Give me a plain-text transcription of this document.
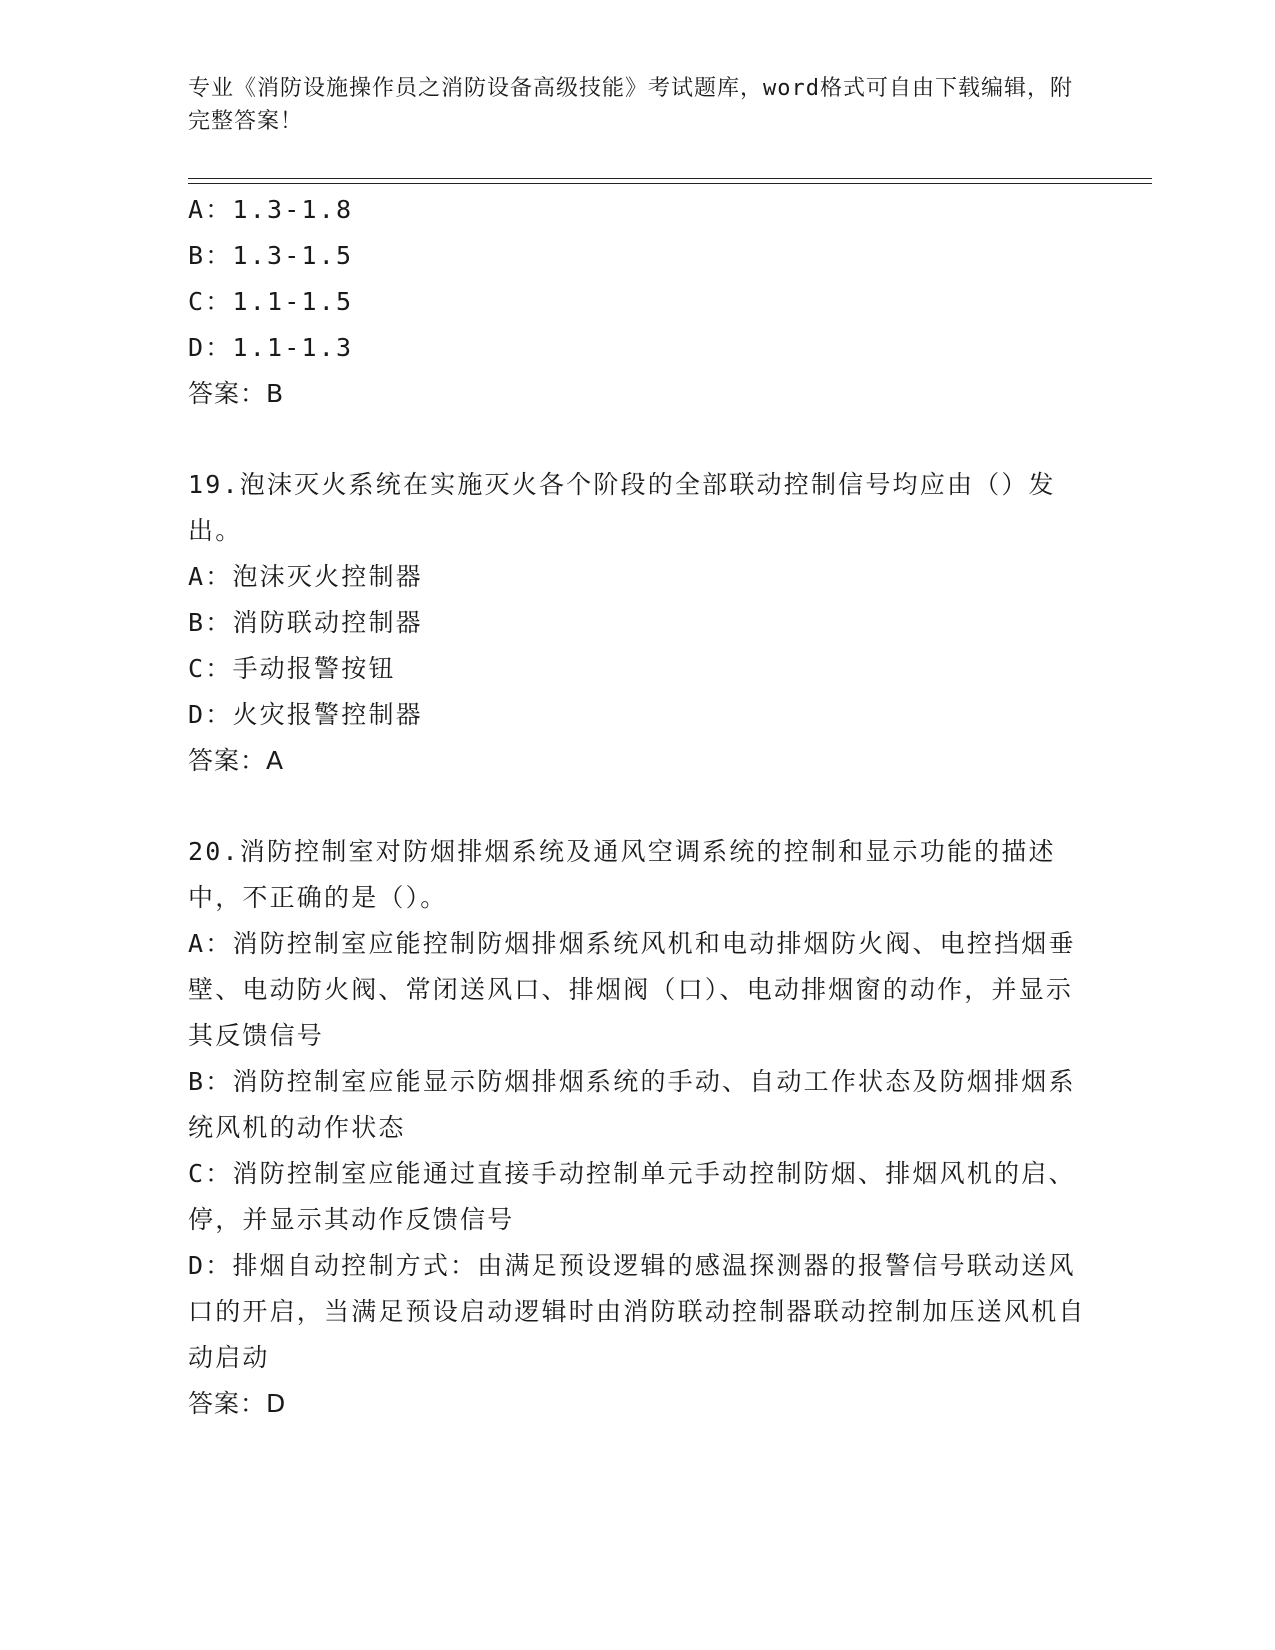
专业《消防设施操作员之消防设备高级技能》考试题库，word格式可自由下载编辑，附完整答案！

A：1.3-1.8

B：1.3-1.5

C：1.1-1.5

D：1.1-1.3

答案：B

19.泡沫灭火系统在实施灭火各个阶段的全部联动控制信号均应由（）发出。

A：泡沫灭火控制器

B：消防联动控制器

C：手动报警按钮

D：火灾报警控制器

答案：A

20.消防控制室对防烟排烟系统及通风空调系统的控制和显示功能的描述中，不正确的是（）。

A：消防控制室应能控制防烟排烟系统风机和电动排烟防火阀、电控挡烟垂壁、电动防火阀、常闭送风口、排烟阀（口）、电动排烟窗的动作，并显示其反馈信号

B：消防控制室应能显示防烟排烟系统的手动、自动工作状态及防烟排烟系统风机的动作状态

C：消防控制室应能通过直接手动控制单元手动控制防烟、排烟风机的启、停，并显示其动作反馈信号

D：排烟自动控制方式：由满足预设逻辑的感温探测器的报警信号联动送风口的开启，当满足预设启动逻辑时由消防联动控制器联动控制加压送风机自动启动

答案：D
